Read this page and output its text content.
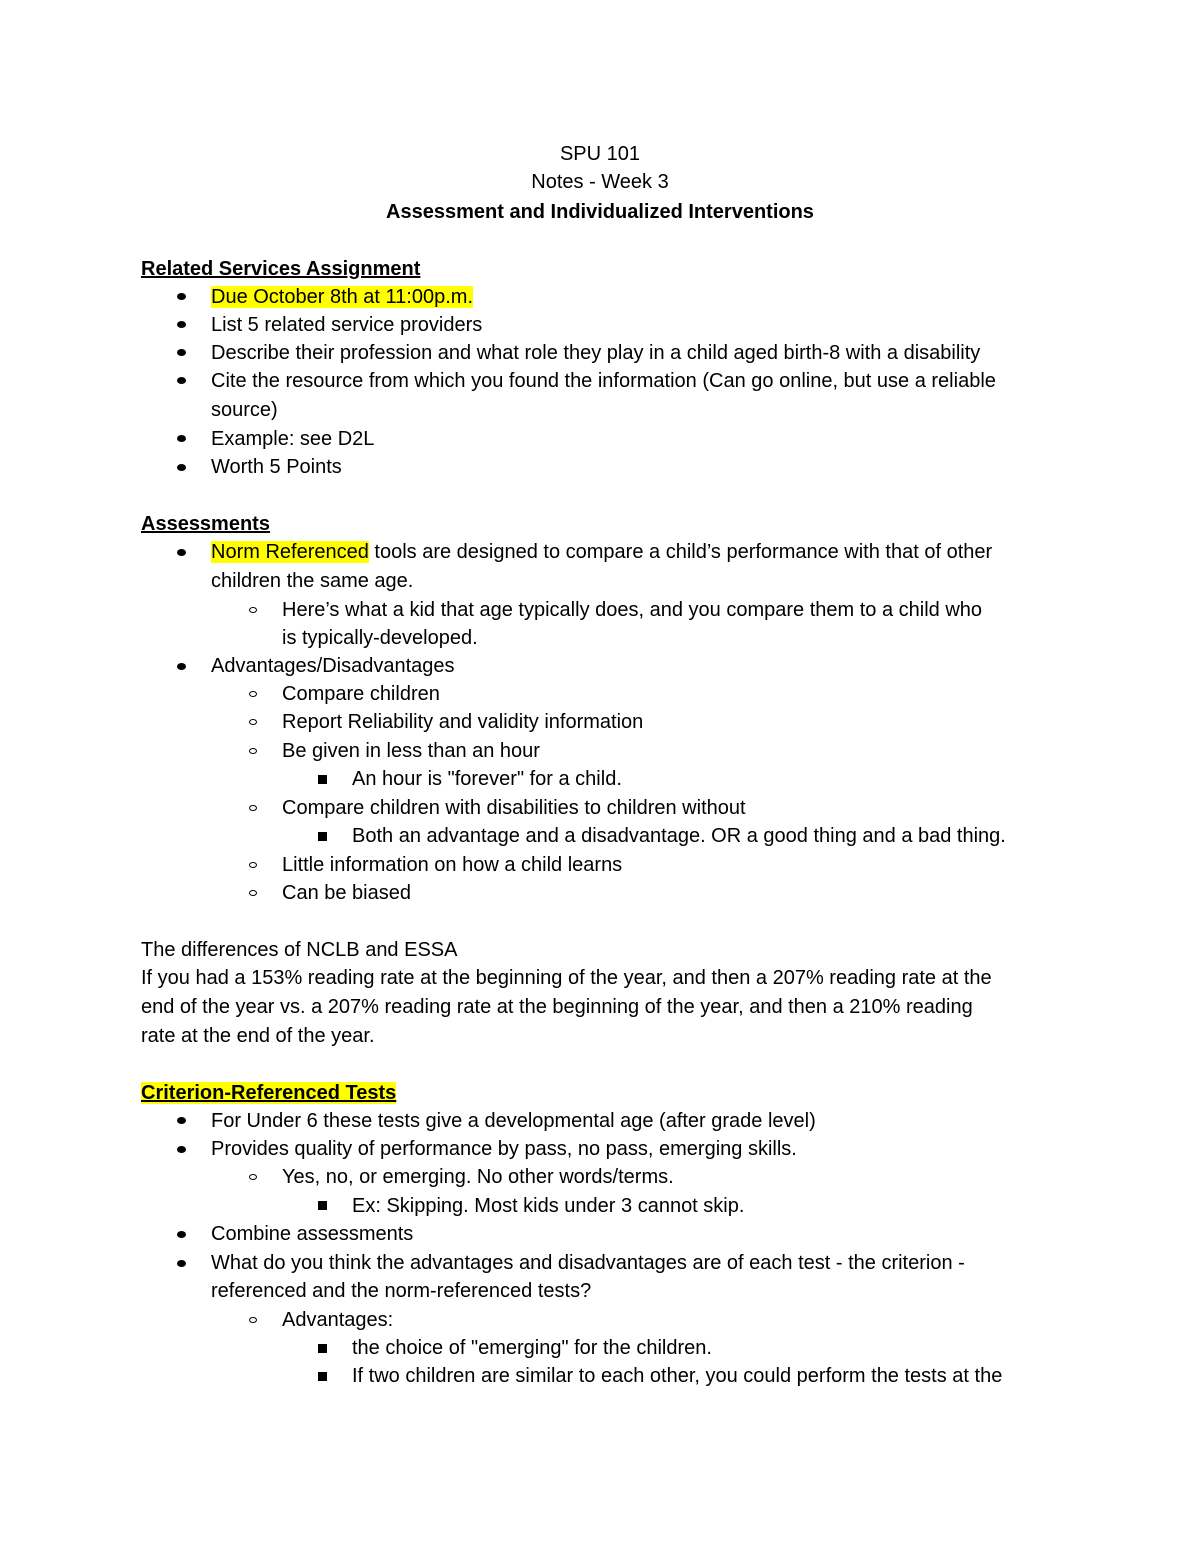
SPU 101
Notes - Week 3
Assessment and Individualized Interventions
Related Services Assignment
Due October 8th at 11:00p.m.
List 5 related service providers
Describe their profession and what role they play in a child aged birth-8 with a disability
Cite the resource from which you found the information (Can go online, but use a reliable
source)
Example: see D2L
Worth 5 Points
Assessments
Norm Referenced tools are designed to compare a child’s performance with that of other
children the same age.
Here’s what a kid that age typically does, and you compare them to a child who
is typically-developed.
Advantages/Disadvantages
Compare children
Report Reliability and validity information
Be given in less than an hour
An hour is "forever" for a child.
Compare children with disabilities to children without
Both an advantage and a disadvantage. OR a good thing and a bad thing.
Little information on how a child learns
Can be biased
The differences of NCLB and ESSA
If you had a 153% reading rate at the beginning of the year, and then a 207% reading rate at the
end of the year vs. a 207% reading rate at the beginning of the year, and then a 210% reading
rate at the end of the year.
Criterion-Referenced Tests
For Under 6 these tests give a developmental age (after grade level)
Provides quality of performance by pass, no pass, emerging skills.
Yes, no, or emerging. No other words/terms.
Ex: Skipping. Most kids under 3 cannot skip.
Combine assessments
What do you think the advantages and disadvantages are of each test - the criterion -
referenced and the norm-referenced tests?
Advantages:
the choice of "emerging" for the children.
If two children are similar to each other, you could perform the tests at the
